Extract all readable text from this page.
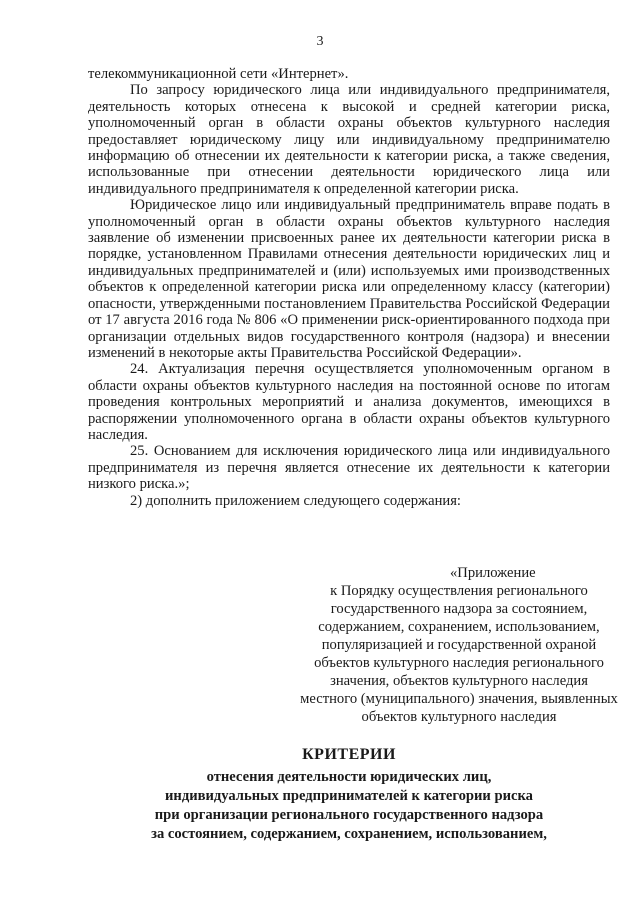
3

телекоммуникационной сети «Интернет».

По запросу юридического лица или индивидуального предпринимателя, деятельность которых отнесена к высокой и средней категории риска, уполномоченный орган в области охраны объектов культурного наследия предоставляет юридическому лицу или индивидуальному предпринимателю информацию об отнесении их деятельности к категории риска, а также сведения, использованные при отнесении деятельности юридического лица или индивидуального предпринимателя к определенной категории риска.

Юридическое лицо или индивидуальный предприниматель вправе подать в уполномоченный орган в области охраны объектов культурного наследия заявление об изменении присвоенных ранее их деятельности категории риска в порядке, установленном Правилами отнесения деятельности юридических лиц и индивидуальных предпринимателей и (или) используемых ими производственных объектов к определенной категории риска или определенному классу (категории) опасности, утвержденными постановлением Правительства Российской Федерации от 17 августа 2016 года № 806 «О применении риск-ориентированного подхода при организации отдельных видов государственного контроля (надзора) и внесении изменений в некоторые акты Правительства Российской Федерации».

24. Актуализация перечня осуществляется уполномоченным органом в области охраны объектов культурного наследия на постоянной основе по итогам проведения контрольных мероприятий и анализа документов, имеющихся в распоряжении уполномоченного органа в области охраны объектов культурного наследия.

25. Основанием для исключения юридического лица или индивидуального предпринимателя из перечня является отнесение их деятельности к категории низкого риска.»;

2) дополнить приложением следующего содержания:

«Приложение

к Порядку осуществления регионального государственного надзора за состоянием, содержанием, сохранением, использованием, популяризацией и государственной охраной объектов культурного наследия регионального значения, объектов культурного наследия местного (муниципального) значения, выявленных объектов культурного наследия

КРИТЕРИИ

отнесения деятельности юридических лиц,

индивидуальных предпринимателей к категории риска

при организации регионального государственного надзора

за состоянием, содержанием, сохранением, использованием,
